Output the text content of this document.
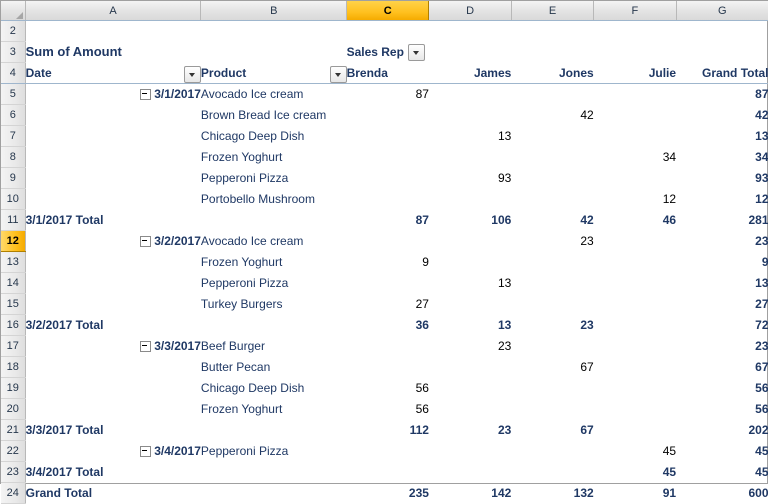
	A	B	C	D	E	F	G
2							
3	Sum of Amount		Sales Rep				

4	Date	Product	Brenda	James	Jones	Julie	Grand Total
5	3/1/2017	Avocado Ice cream	87				87
6		Brown Bread Ice cream			42		42
7		Chicago Deep Dish		13			13
8		Frozen Yoghurt				34	34
9		Pepperoni Pizza		93			93
10		Portobello Mushroom				12	12
11	3/1/2017 Total		87	106	42	46	281
12	3/2/2017	Avocado Ice cream			23		23
13		Frozen Yoghurt	9				9
14		Pepperoni Pizza		13			13
15		Turkey Burgers	27				27
16	3/2/2017 Total		36	13	23		72
17	3/3/2017	Beef Burger		23			23
18		Butter Pecan			67		67
19		Chicago Deep Dish	56				56
20		Frozen Yoghurt	56				56
21	3/3/2017 Total		112	23	67		202
22	3/4/2017	Pepperoni Pizza				45	45
23	3/4/2017 Total					45	45
24	Grand Total		235	142	132	91	600
